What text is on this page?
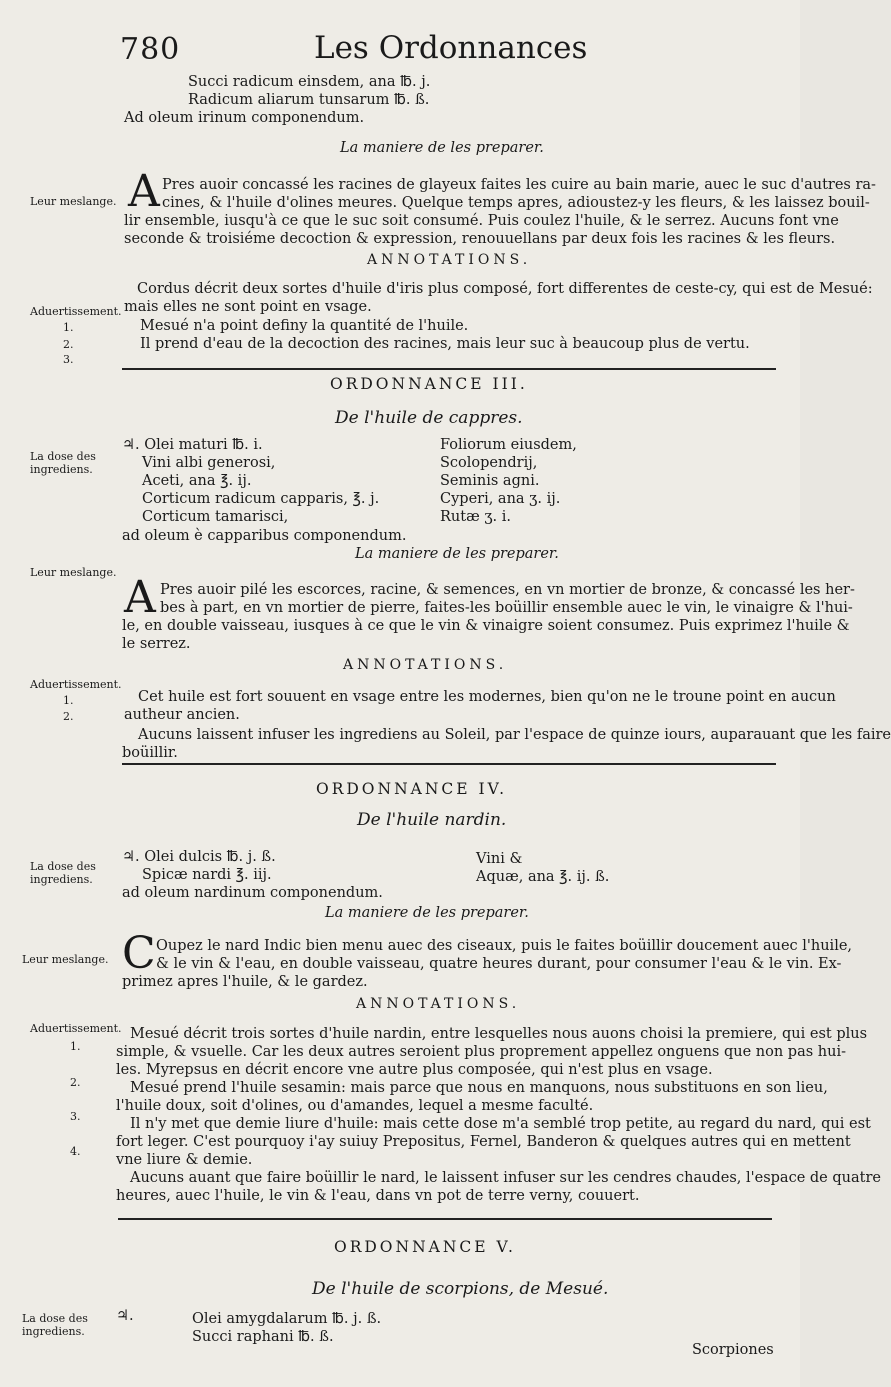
780	Les Ordonnances
Succi radicum einsdem, ana ℔. j.
Radicum aliarum tunsarum ℔. ß.
Ad oleum irinum componendum.
La maniere de les preparer.
Leur meslange. A Pres auoir concassé les racines de glayeux faites les cuire au bain marie, auec le suc d'autres ra-
cines, & l'huile d'olines meures. Quelque temps apres, adioustez-y les fleurs, & les laissez bouil-
lir ensemble, iusqu'à ce que le suc soit consumé. Puis coulez l'huile, & le serrez. Aucuns font vne
seconde & troisiéme decoction & expression, renouuellans par deux fois les racines & les fleurs.
ANNOTATIONS.
Aduertissement.
1.
2.
3.
Cordus décrit deux sortes d'huile d'iris plus composé, fort differentes de ceste-cy, qui est de Mesué:
mais elles ne sont point en vsage.
Mesué n'a point definy la quantité de l'huile.
Il prend d'eau de la decoction des racines, mais leur suc à beaucoup plus de vertu.
ORDONNANCE III.
De l'huile de cappres.
La dose des ingrediens.
♃. Olei maturi ℔. i.
Vini albi generosi,
Aceti, ana ℥. ij.
Corticum radicum capparis, ℥. j.
Corticum tamarisci,
Foliorum eiusdem,
Scolopendrij,
Seminis agni.
Cyperi, ana ʒ. ij.
Rutæ ʒ. i.
ad oleum è capparibus componendum.
La maniere de les preparer.
Leur meslange. A Pres auoir pilé les escorces, racine, & semences, en vn mortier de bronze, & concassé les her-
bes à part, en vn mortier de pierre, faites-les boüillir ensemble auec le vin, le vinaigre & l'hui-
le, en double vaisseau, iusques à ce que le vin & vinaigre soient consumez. Puis exprimez l'huile &
le serrez.
ANNOTATIONS.
Aduertissement.
1.
2.
Cet huile est fort souuent en vsage entre les modernes, bien qu'on ne le troune point en aucun
autheur ancien.
Aucuns laissent infuser les ingrediens au Soleil, par l'espace de quinze iours, auparauant que les faire
boüillir.
ORDONNANCE IV.
De l'huile nardin.
La dose des ingrediens.
♃. Olei dulcis ℔. j. ß.
Spicæ nardi ℥. iij.
Vini &
Aquæ, ana ℥. ij. ß.
ad oleum nardinum componendum.
La maniere de les preparer.
Leur meslange. C Oupez le nard Indic bien menu auec des ciseaux, puis le faites boüillir doucement auec l'huile,
& le vin & l'eau, en double vaisseau, quatre heures durant, pour consumer l'eau & le vin. Ex-
primez apres l'huile, & le gardez.
ANNOTATIONS.
Aduertissement.
1.
2.
3.
4.
Mesué décrit trois sortes d'huile nardin, entre lesquelles nous auons choisi la premiere, qui est plus
simple, & vsuelle. Car les deux autres seroient plus proprement appellez onguens que non pas hui-
les. Myrepsus en décrit encore vne autre plus composée, qui n'est plus en vsage.
Mesué prend l'huile sesamin: mais parce que nous en manquons, nous substituons en son lieu,
l'huile doux, soit d'olines, ou d'amandes, lequel a mesme faculté.
Il n'y met que demie liure d'huile: mais cette dose m'a semblé trop petite, au regard du nard, qui est
fort leger. C'est pourquoy i'ay suiuy Prepositus, Fernel, Banderon & quelques autres qui en mettent
vne liure & demie.
Aucuns auant que faire boüillir le nard, le laissent infuser sur les cendres chaudes, l'espace de quatre
heures, auec l'huile, le vin & l'eau, dans vn pot de terre verny, couuert.
ORDONNANCE V.
De l'huile de scorpions, de Mesué.
La dose des ingrediens.
♃.	Olei amygdalarum ℔. j. ß.
Succi raphani ℔. ß.
Scorpiones
